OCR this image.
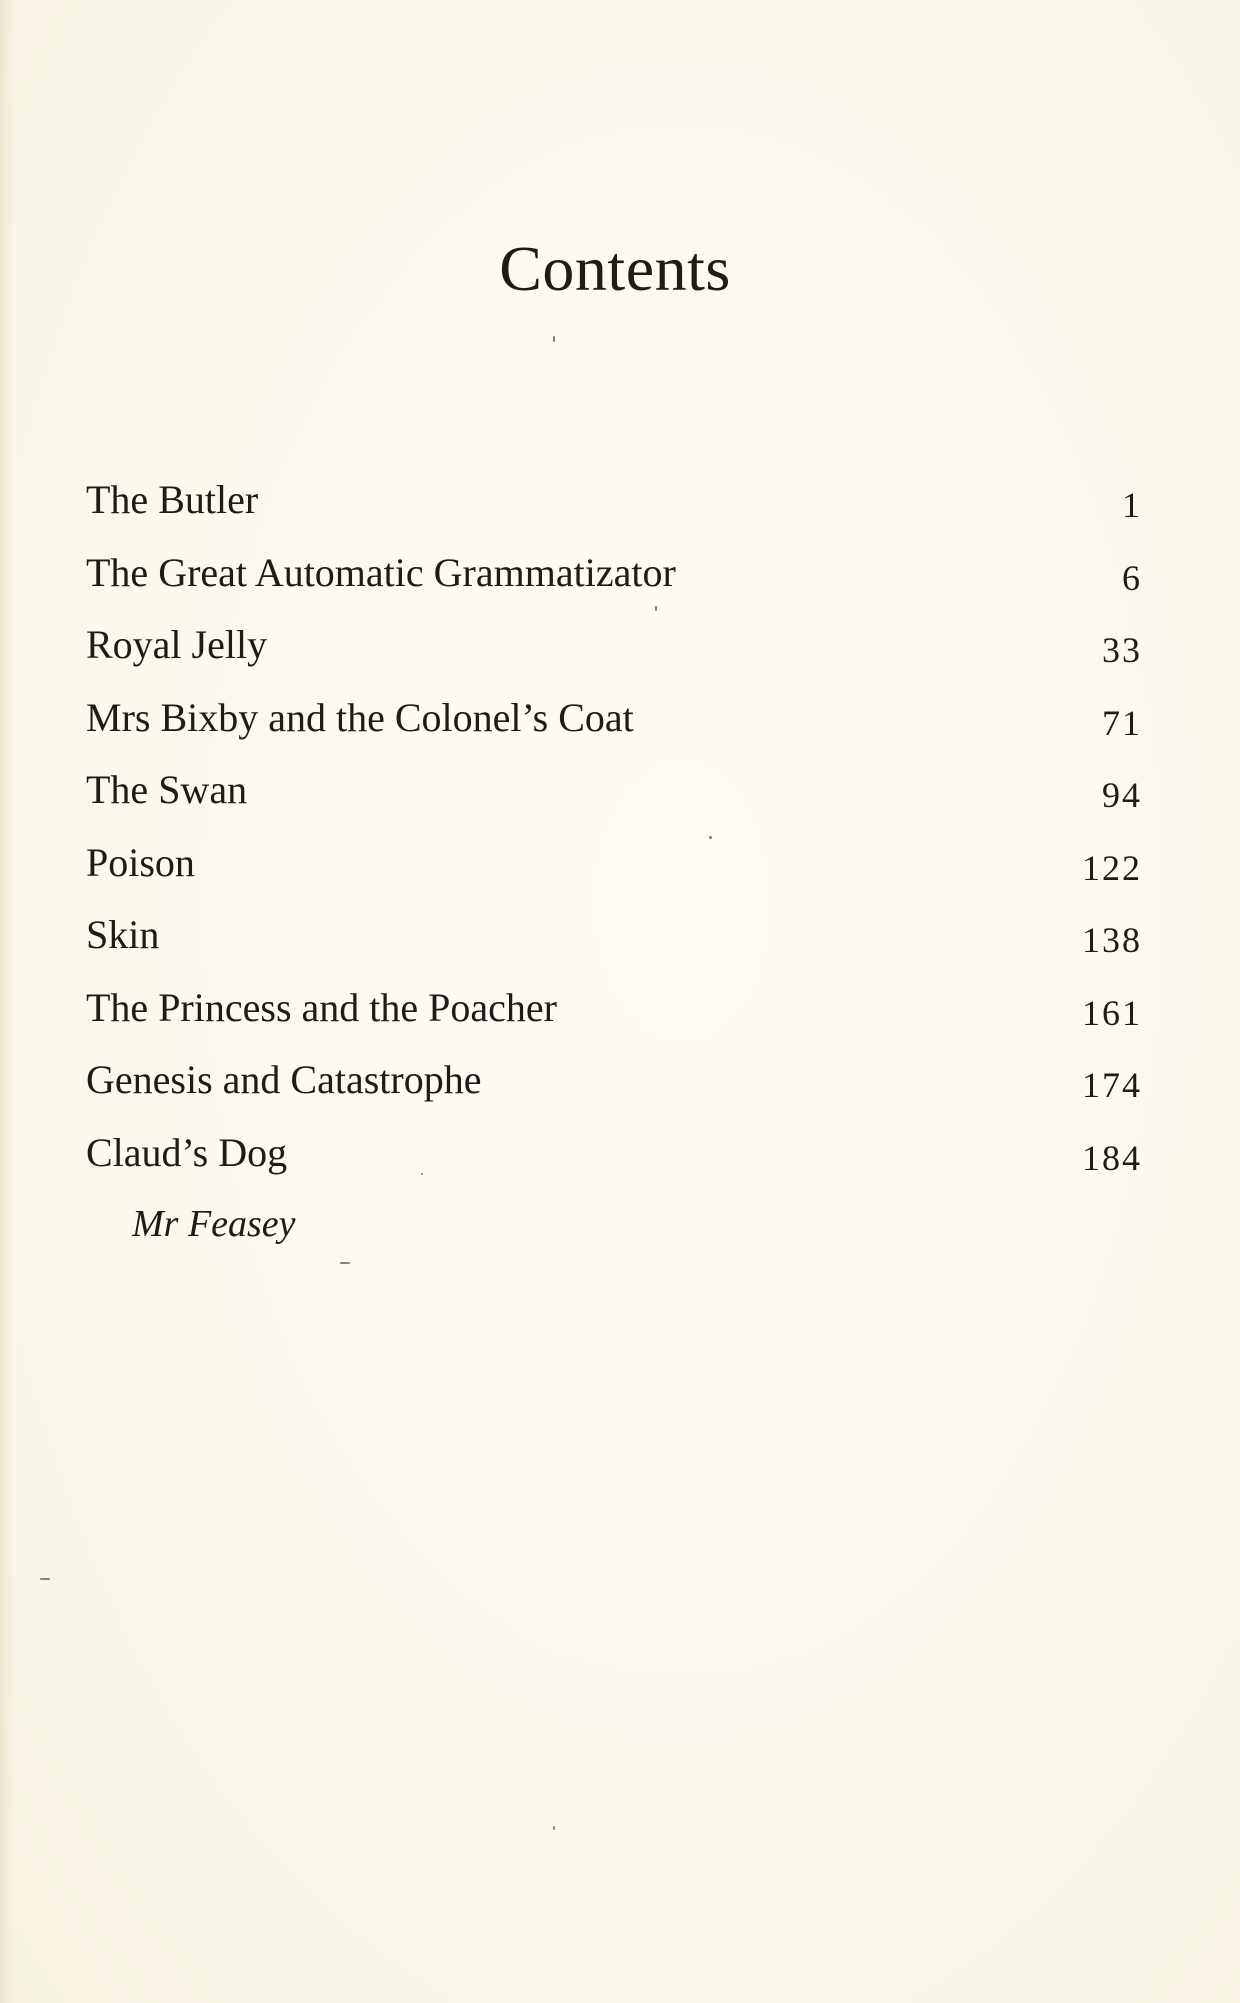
Contents
The Butler	1
The Great Automatic Grammatizator	6
Royal Jelly	33
Mrs Bixby and the Colonel’s Coat	71
The Swan	94
Poison	122
Skin	138
The Princess and the Poacher	161
Genesis and Catastrophe	174
Claud’s Dog	184
Mr Feasey
